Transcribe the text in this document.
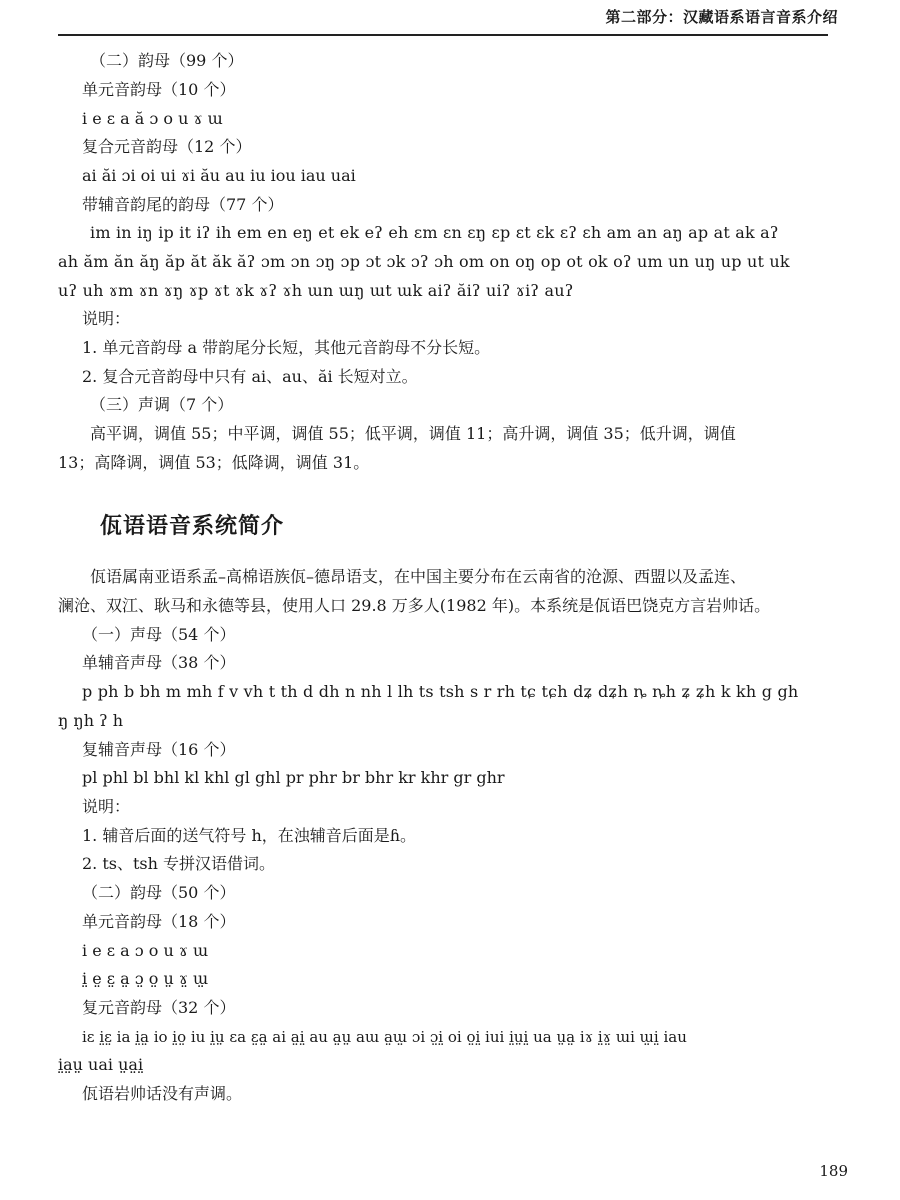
第二部分：汉藏语系语言音系介绍
（二）韵母（99 个）
单元音韵母（10 个）
i e ɛ a ă ɔ o u ɤ ɯ
复合元音韵母（12 个）
ai ăi ɔi oi ui ɤi ău au iu iou iau uai
带辅音韵尾的韵母（77 个）
im in iŋ ip it iʔ ih em en eŋ et ek eʔ eh ɛm ɛn ɛŋ ɛp ɛt ɛk ɛʔ ɛh am an aŋ ap at ak aʔ
ah ăm ăn ăŋ ăp ăt ăk ăʔ ɔm ɔn ɔŋ ɔp ɔt ɔk ɔʔ ɔh om on oŋ op ot ok oʔ um un uŋ up ut uk
uʔ uh ɤm ɤn ɤŋ ɤp ɤt ɤk ɤʔ ɤh ɯn ɯŋ ɯt ɯk aiʔ ăiʔ uiʔ ɤiʔ auʔ
说明：
1. 单元音韵母 a 带韵尾分长短，其他元音韵母不分长短。
2. 复合元音韵母中只有 ai、au、ăi 长短对立。
（三）声调（7 个）
高平调，调值 55；中平调，调值 55；低平调，调值 11；高升调，调值 35；低升调，调值
13；高降调，调值 53；低降调，调值 31。
佤语语音系统简介
佤语属南亚语系孟–高棉语族佤–德昂语支，在中国主要分布在云南省的沧源、西盟以及孟连、
澜沧、双江、耿马和永德等县，使用人口 29.8 万多人(1982 年)。本系统是佤语巴饶克方言岩帅话。
（一）声母（54 个）
单辅音声母（38 个）
p ph b bh m mh f v vh t th d dh n nh l lh ts tsh s r rh tɕ tɕh dʑ dʑh ȵ ȵh ʑ ʑh k kh g gh
ŋ ŋh ʔ h
复辅音声母（16 个）
pl phl bl bhl kl khl gl ghl pr phr br bhr kr khr gr ghr
说明：
1. 辅音后面的送气符号 h，在浊辅音后面是ɦ。
2. ts、tsh 专拼汉语借词。
（二）韵母（50 个）
单元音韵母（18 个）
i e ɛ a ɔ o u ɤ ɯ
i̤ e̤ ɛ̤ a̤ ɔ̤ o̤ ṳ ɤ̤ ɯ̤
复元音韵母（32 个）
iɛ i̤ɛ̤ ia i̤a̤ io i̤o̤ iu i̤ṳ ɛa ɛ̤a̤ ai a̤i̤ au a̤ṳ aɯ a̤ɯ̤ ɔi ɔ̤i̤ oi o̤i̤ iui i̤ṳi̤ ua ṳa̤ iɤ i̤ɤ̤ ɯi ɯ̤i̤ iau
i̤a̤ṳ uai ṳa̤i̤
佤语岩帅话没有声调。
189
